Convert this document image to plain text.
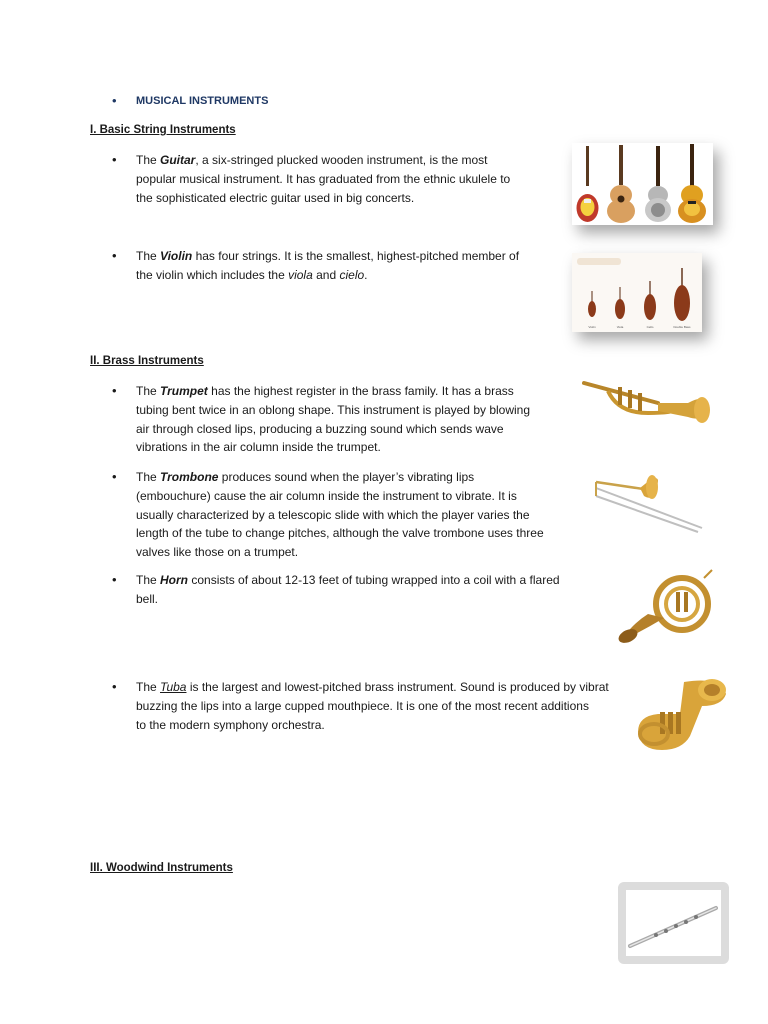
• MUSICAL INSTRUMENTS
I. Basic String Instruments
• The Guitar, a six-stringed plucked wooden instrument, is the most
popular musical instrument. It has graduated from the ethnic ukulele to
the sophisticated electric guitar used in big concerts.
• The Violin has four strings. It is the smallest, highest-pitched member of
the violin which includes the viola and cielo.
Violin	Viola	Cello	Double Bass
II. Brass Instruments
• The Trumpet has the highest register in the brass family. It has a brass
tubing bent twice in an oblong shape. This instrument is played by blowing
air through closed lips, producing a buzzing sound which sends wave
vibrations in the air column inside the trumpet.
• The Trombone produces sound when the player’s vibrating lips
(embouchure) cause the air column inside the instrument to vibrate. It is
usually characterized by a telescopic slide with which the player varies the
length of the tube to change pitches, although the valve trombone uses three
valves like those on a trumpet.
• The Horn consists of about 12-13 feet of tubing wrapped into a coil with a flared
bell.
• The Tuba is the largest and lowest-pitched brass instrument. Sound is produced by vibrat
buzzing the lips into a large cupped mouthpiece. It is one of the most recent additions
to the modern symphony orchestra.
III. Woodwind Instruments
